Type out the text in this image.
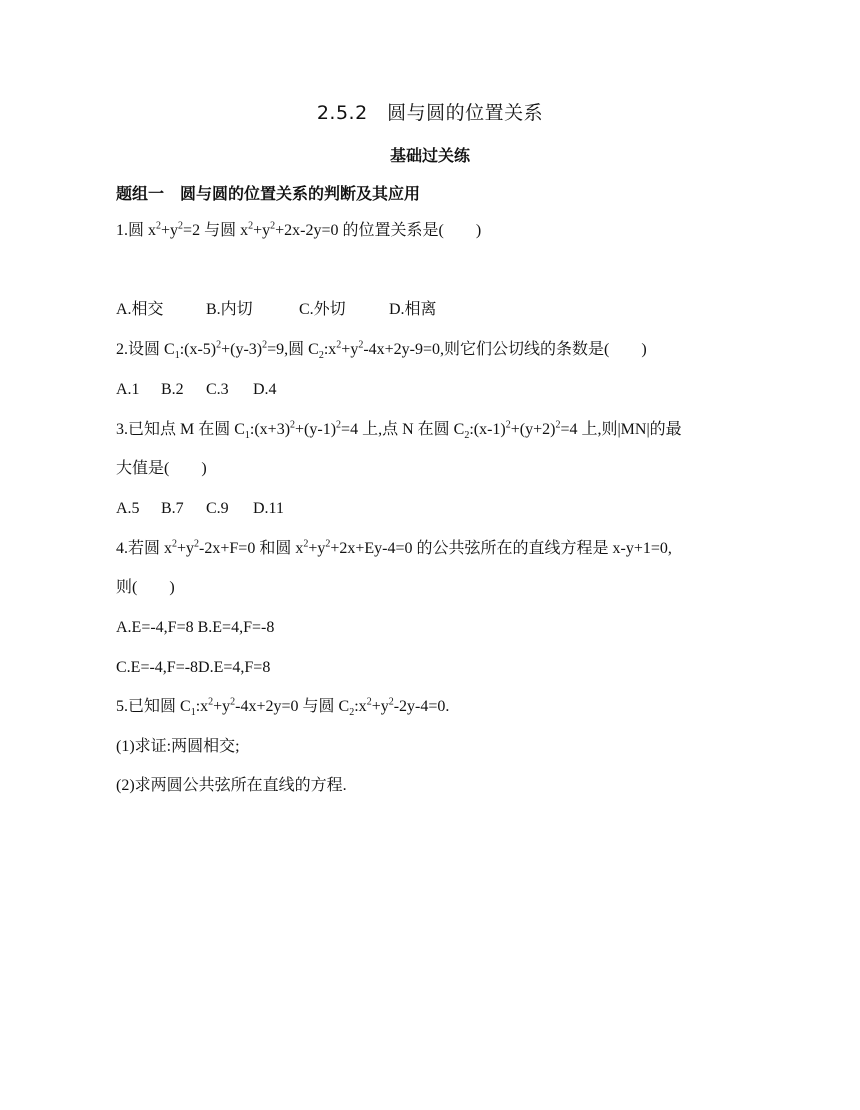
2.5.2　圆与圆的位置关系
基础过关练
题组一　圆与圆的位置关系的判断及其应用
1.圆 $x^2+y^2=2$ 与圆 $x^2+y^2+2x-2y=0$ 的位置关系是(　　)
A.相交	B.内切	C.外切	D.相离
2.设圆 $C_1:(x-5)^2+(y-3)^2=9$,圆 $C_2:x^2+y^2-4x+2y-9=0$,则它们公切线的条数是(　　)
A.1 B.2 C.3 D.4
3.已知点 M 在圆 $C_1:(x+3)^2+(y-1)^2=4$ 上,点 N 在圆 $C_2:(x-1)^2+(y+2)^2=4$ 上,则|MN|的最
大值是(　　)
A.5 B.7 C.9 D.11
4.若圆 $x^2+y^2-2x+F=0$ 和圆 $x^2+y^2+2x+Ey-4=0$ 的公共弦所在的直线方程是 x-y+1=0,
则(　　)
A.E=-4,F=8 B.E=4,F=-8
C.E=-4,F=-8D.E=4,F=8
5.已知圆 $C_1:x^2+y^2-4x+2y=0$ 与圆 $C_2:x^2+y^2-2y-4=0$.
(1)求证:两圆相交;
(2)求两圆公共弦所在直线的方程.
